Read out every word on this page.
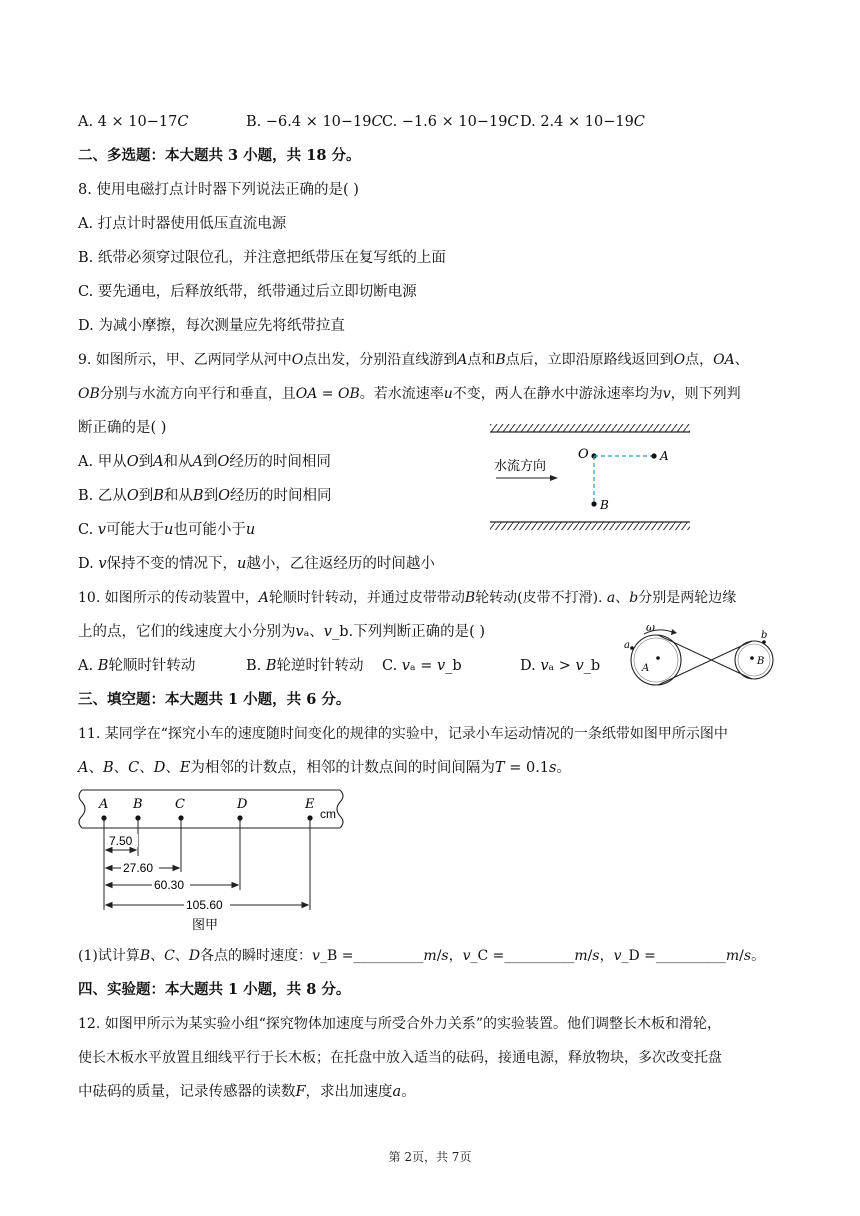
A. 4 × 10−17𝐶	B. −6.4 × 10−19𝐶 C. −1.6 × 10−19𝐶 D. 2.4 × 10−19𝐶
二、多选题：本大题共 3 小题，共 18 分。
8. 使用电磁打点计时器下列说法正确的是( )
A. 打点计时器使用低压直流电源
B. 纸带必须穿过限位孔，并注意把纸带压在复写纸的上面
C. 要先通电，后释放纸带，纸带通过后立即切断电源
D. 为减小摩擦，每次测量应先将纸带拉直
9. 如图所示，甲、乙两同学从河中𝑂点出发，分别沿直线游到𝐴点和𝐵点后，立即沿原路线返回到𝑂点，𝑂𝐴、
𝑂𝐵分别与水流方向平行和垂直，且𝑂𝐴 = 𝑂𝐵。若水流速率𝑢不变，两人在静水中游泳速率均为𝑣，则下列判
断正确的是( )
A. 甲从𝑂到𝐴和从𝐴到𝑂经历的时间相同
B. 乙从𝑂到𝐵和从𝐵到𝑂经历的时间相同
C. 𝑣可能大于𝑢也可能小于𝑢
D. 𝑣保持不变的情况下，𝑢越小，乙往返经历的时间越小
水流方向
O	A
B
10. 如图所示的传动装置中，𝐴轮顺时针转动，并通过皮带带动𝐵轮转动(皮带不打滑). 𝑎、𝑏分别是两轮边缘
上的点，它们的线速度大小分别为𝑣ₐ、𝑣_b.下列判断正确的是( )
A. 𝐵轮顺时针转动	B. 𝐵轮逆时针转动 C. 𝑣ₐ = 𝑣_b	D. 𝑣ₐ > 𝑣_b
ω
A
a
B
b
三、填空题：本大题共 1 小题，共 6 分。
11. 某同学在“探究小车的速度随时间变化的规律的实验中，记录小车运动情况的一条纸带如图甲所示图中
𝐴、𝐵、𝐶、𝐷、𝐸为相邻的计数点，相邻的计数点间的时间间隔为𝑇 = 0.1𝑠。
A B C	D	E
cm
7.50
27.60
60.30
105.60
图甲
(1)试计算𝐵、𝐶、𝐷各点的瞬时速度：𝑣_B =__________𝑚/𝑠，𝑣_C =__________𝑚/𝑠，𝑣_D =__________𝑚/𝑠。
四、实验题：本大题共 1 小题，共 8 分。
12. 如图甲所示为某实验小组“探究物体加速度与所受合外力关系”的实验装置。他们调整长木板和滑轮，
使长木板水平放置且细线平行于长木板；在托盘中放入适当的砝码，接通电源，释放物块，多次改变托盘
中砝码的质量，记录传感器的读数𝐹，求出加速度𝑎。
第 2页，共 7页
